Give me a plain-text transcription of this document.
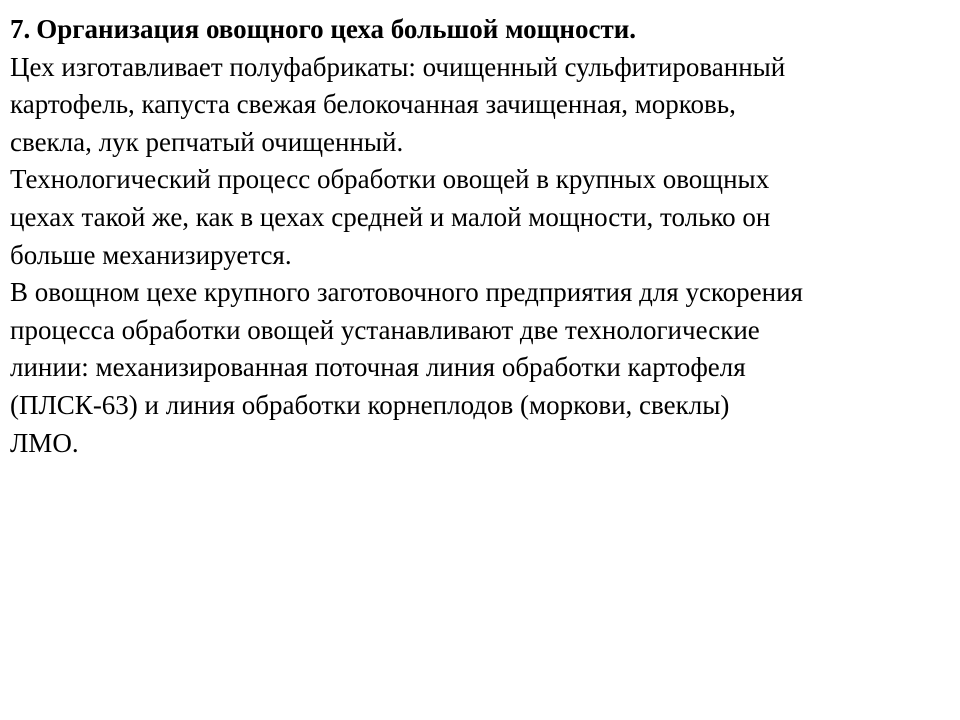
7. Организация овощного цеха большой мощности.

Цех изготавливает полуфабрикаты: очищенный сульфитированный

картофель, капуста свежая белокочанная зачищенная, морковь,

свекла, лук репчатый очищенный.

Технологический процесс обработки овощей в крупных овощных

цехах такой же, как в цехах средней и малой мощности, только он

больше механизируется.

В овощном цехе крупного заготовочного предприятия для ускорения

процесса обработки овощей устанавливают две технологические

линии: механизированная поточная линия обработки картофеля

(ПЛСК-63) и линия обработки корнеплодов (моркови, свеклы)

ЛМО.
